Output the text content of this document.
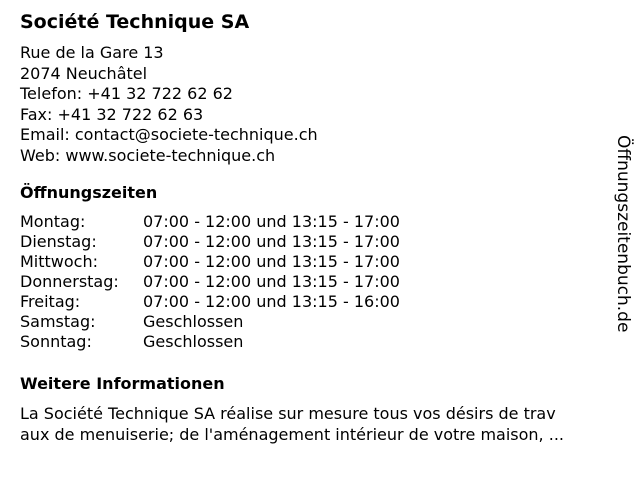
Société Technique SA
Rue de la Gare 13
2074 Neuchâtel
Telefon: +41 32 722 62 62
Fax: +41 32 722 62 63
Email: contact@societe-technique.ch
Web: www.societe-technique.ch
Öffnungszeiten
Montag:	07:00 - 12:00 und 13:15 - 17:00
Dienstag:	07:00 - 12:00 und 13:15 - 17:00
Mittwoch:	07:00 - 12:00 und 13:15 - 17:00
Donnerstag:	07:00 - 12:00 und 13:15 - 17:00
Freitag:	07:00 - 12:00 und 13:15 - 16:00
Samstag:	Geschlossen
Sonntag:	Geschlossen
Weitere Informationen
La Société Technique SA réalise sur mesure tous vos désirs de trav
aux de menuiserie; de l'aménagement intérieur de votre maison, ...
Öffnungszeitenbuch.de
